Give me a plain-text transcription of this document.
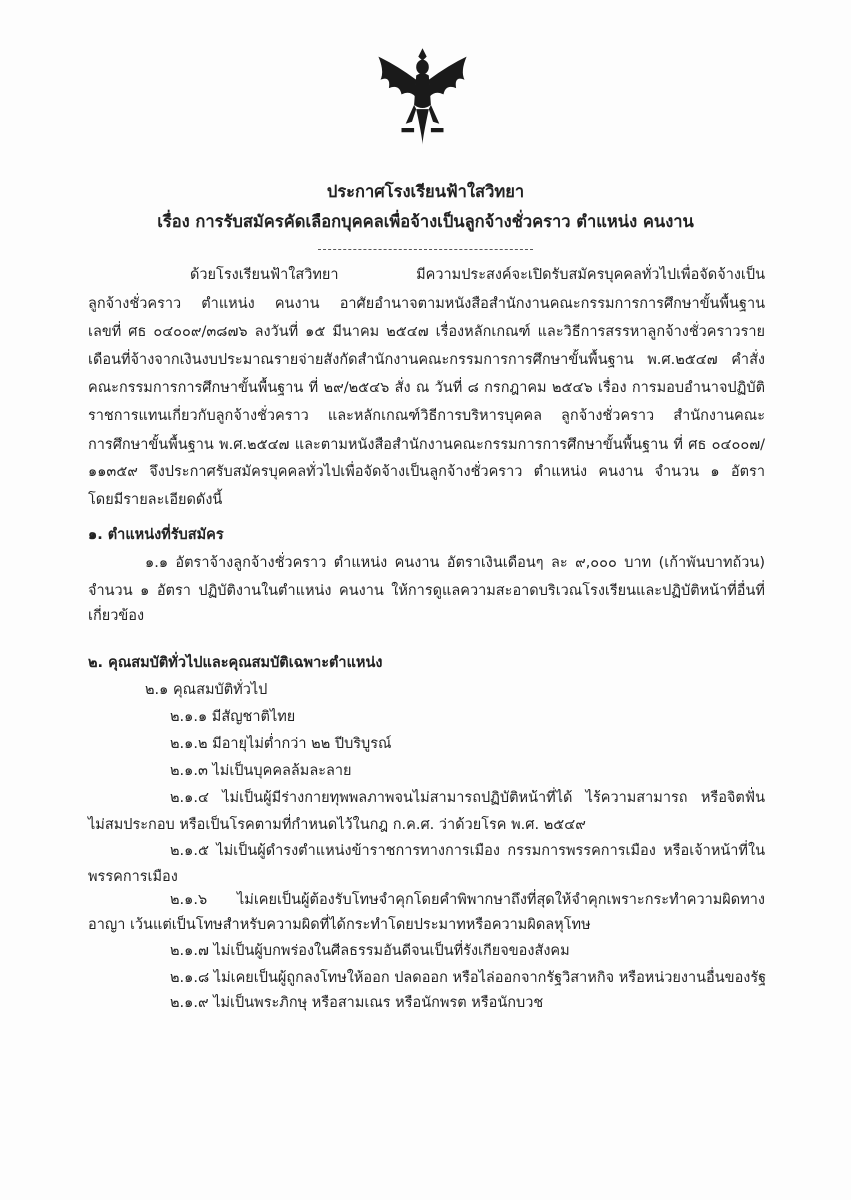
ประกาศโรงเรียนฟ้าใสวิทยา
เรื่อง การรับสมัครคัดเลือกบุคคลเพื่อจ้างเป็นลูกจ้างชั่วคราว ตำแหน่ง คนงาน
ด้วยโรงเรียนฟ้าใสวิทยา มีความประสงค์จะเปิดรับสมัครบุคคลทั่วไปเพื่อจัดจ้างเป็น
ลูกจ้างชั่วคราว ตำแหน่ง คนงาน อาศัยอำนาจตามหนังสือสำนักงานคณะกรรมการการศึกษาขั้นพื้นฐาน
เลขที่ ศธ ๐๔๐๐๙/๓๘๗๖ ลงวันที่ ๑๕ มีนาคม ๒๕๔๗ เรื่องหลักเกณฑ์ และวิธีการสรรหาลูกจ้างชั่วคราวราย
เดือนที่จ้างจากเงินงบประมาณรายจ่ายสังกัดสำนักงานคณะกรรมการการศึกษาขั้นพื้นฐาน พ.ศ.๒๕๔๗ คำสั่ง
คณะกรรมการการศึกษาขั้นพื้นฐาน ที่ ๒๙/๒๕๔๖ สั่ง ณ วันที่ ๘ กรกฎาคม ๒๕๔๖ เรื่อง การมอบอำนาจปฏิบัติ
ราชการแทนเกี่ยวกับลูกจ้างชั่วคราว และหลักเกณฑ์วิธีการบริหารบุคคล ลูกจ้างชั่วคราว สำนักงานคณะ
การศึกษาขั้นพื้นฐาน พ.ศ.๒๕๔๗ และตามหนังสือสำนักงานคณะกรรมการการศึกษาขั้นพื้นฐาน ที่ ศธ ๐๔๐๐๗/
๑๑๓๕๙ จึงประกาศรับสมัครบุคคลทั่วไปเพื่อจัดจ้างเป็นลูกจ้างชั่วคราว ตำแหน่ง คนงาน จำนวน ๑ อัตรา
โดยมีรายละเอียดดังนี้
๑. ตำแหน่งที่รับสมัคร
๑.๑ อัตราจ้างลูกจ้างชั่วคราว ตำแหน่ง คนงาน อัตราเงินเดือนๆ ละ ๙,๐๐๐ บาท (เก้าพันบาทถ้วน)
จำนวน ๑ อัตรา ปฏิบัติงานในตำแหน่ง คนงาน ให้การดูแลความสะอาดบริเวณโรงเรียนและปฏิบัติหน้าที่อื่นที่
เกี่ยวข้อง
๒. คุณสมบัติทั่วไปและคุณสมบัติเฉพาะตำแหน่ง
๒.๑ คุณสมบัติทั่วไป
๒.๑.๑ มีสัญชาติไทย
๒.๑.๒ มีอายุไม่ต่ำกว่า ๒๒ ปีบริบูรณ์
๒.๑.๓ ไม่เป็นบุคคลล้มละลาย
๒.๑.๔ ไม่เป็นผู้มีร่างกายทุพพลภาพจนไม่สามารถปฏิบัติหน้าที่ได้ ไร้ความสามารถ หรือจิตฟั่น
ไม่สมประกอบ หรือเป็นโรคตามที่กำหนดไว้ในกฎ ก.ค.ศ. ว่าด้วยโรค พ.ศ. ๒๕๔๙
๒.๑.๕ ไม่เป็นผู้ดำรงตำแหน่งข้าราชการทางการเมือง กรรมการพรรคการเมือง หรือเจ้าหน้าที่ใน
พรรคการเมือง
๒.๑.๖ ไม่เคยเป็นผู้ต้องรับโทษจำคุกโดยคำพิพากษาถึงที่สุดให้จำคุกเพราะกระทำความผิดทาง
อาญา เว้นแต่เป็นโทษสำหรับความผิดที่ได้กระทำโดยประมาทหรือความผิดลหุโทษ
๒.๑.๗ ไม่เป็นผู้บกพร่องในศีลธรรมอันดีจนเป็นที่รังเกียจของสังคม
๒.๑.๘ ไม่เคยเป็นผู้ถูกลงโทษให้ออก ปลดออก หรือไล่ออกจากรัฐวิสาหกิจ หรือหน่วยงานอื่นของรัฐ
๒.๑.๙ ไม่เป็นพระภิกษุ หรือสามเณร หรือนักพรต หรือนักบวช
